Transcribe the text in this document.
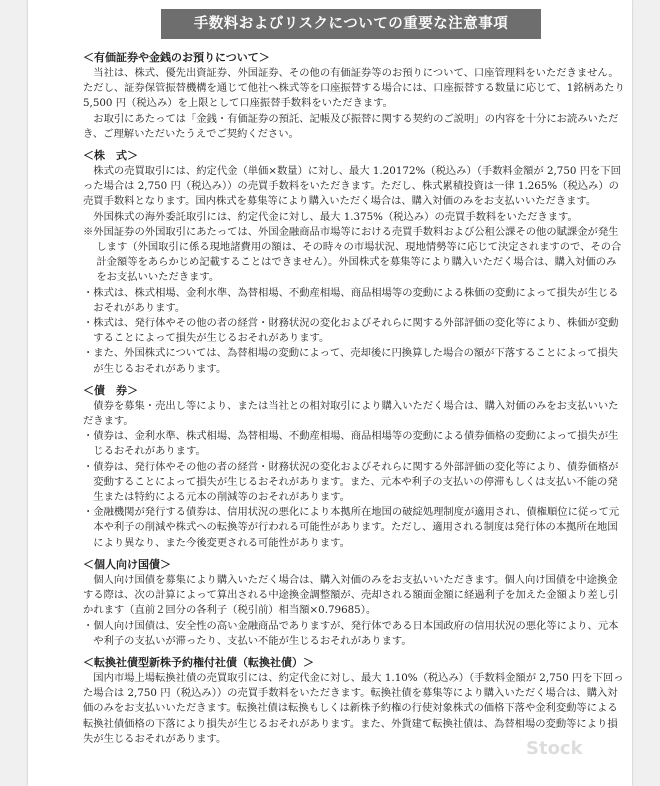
手数料およびリスクについての重要な注意事項
＜有価証券や金銭のお預りについて＞
当社は、株式、優先出資証券、外国証券、その他の有価証券等のお預りについて、口座管理料をいただきません。ただし、証券保管振替機構を通じて他社へ株式等を口座振替する場合には、口座振替する数量に応じて、1銘柄あたり 5,500 円（税込み）を上限として口座振替手数料をいただきます。
お取引にあたっては「金銭・有価証券の預託、記帳及び振替に関する契約のご説明」の内容を十分にお読みいただき、ご理解いただいたうえでご契約ください。
＜株　式＞
株式の売買取引には、約定代金（単価×数量）に対し、最大 1.20172%（税込み）（手数料金額が 2,750 円を下回った場合は 2,750 円（税込み））の売買手数料をいただきます。ただし、株式累積投資は一律 1.265%（税込み）の売買手数料となります。国内株式を募集等により購入いただく場合は、購入対価のみをお支払いいただきます。
外国株式の海外委託取引には、約定代金に対し、最大 1.375%（税込み）の売買手数料をいただきます。
※外国証券の外国取引にあたっては、外国金融商品市場等における売買手数料および公租公課その他の賦課金が発生します（外国取引に係る現地諸費用の額は、その時々の市場状況、現地情勢等に応じて決定されますので、その合計金額等をあらかじめ記載することはできません）。外国株式を募集等により購入いただく場合は、購入対価のみをお支払いいただきます。
・株式は、株式相場、金利水準、為替相場、不動産相場、商品相場等の変動による株価の変動によって損失が生じるおそれがあります。
・株式は、発行体やその他の者の経営・財務状況の変化およびそれらに関する外部評価の変化等により、株価が変動することによって損失が生じるおそれがあります。
・また、外国株式については、為替相場の変動によって、売却後に円換算した場合の額が下落することによって損失が生じるおそれがあります。
＜債　券＞
債券を募集・売出し等により、または当社との相対取引により購入いただく場合は、購入対価のみをお支払いいただきます。
・債券は、金利水準、株式相場、為替相場、不動産相場、商品相場等の変動による債券価格の変動によって損失が生じるおそれがあります。
・債券は、発行体やその他の者の経営・財務状況の変化およびそれらに関する外部評価の変化等により、債券価格が変動することによって損失が生じるおそれがあります。また、元本や利子の支払いの停滞もしくは支払い不能の発生または特約による元本の削減等のおそれがあります。
・金融機関が発行する債券は、信用状況の悪化により本拠所在地国の破綻処理制度が適用され、債権順位に従って元本や利子の削減や株式への転換等が行われる可能性があります。ただし、適用される制度は発行体の本拠所在地国により異なり、また今後変更される可能性があります。
＜個人向け国債＞
個人向け国債を募集により購入いただく場合は、購入対価のみをお支払いいただきます。個人向け国債を中途換金する際は、次の計算によって算出される中途換金調整額が、売却される額面金額に経過利子を加えた金額より差し引かれます（直前２回分の各利子（税引前）相当額×0.79685）。
・個人向け国債は、安全性の高い金融商品でありますが、発行体である日本国政府の信用状況の悪化等により、元本や利子の支払いが滞ったり、支払い不能が生じるおそれがあります。
＜転換社債型新株予約権付社債（転換社債）＞
国内市場上場転換社債の売買取引には、約定代金に対し、最大 1.10%（税込み）（手数料金額が 2,750 円を下回った場合は 2,750 円（税込み））の売買手数料をいただきます。転換社債を募集等により購入いただく場合は、購入対価のみをお支払いいただきます。転換社債は転換もしくは新株予約権の行使対象株式の価格下落や金利変動等による転換社債価格の下落により損失が生じるおそれがあります。また、外貨建て転換社債は、為替相場の変動等により損失が生じるおそれがあります。	Stock
